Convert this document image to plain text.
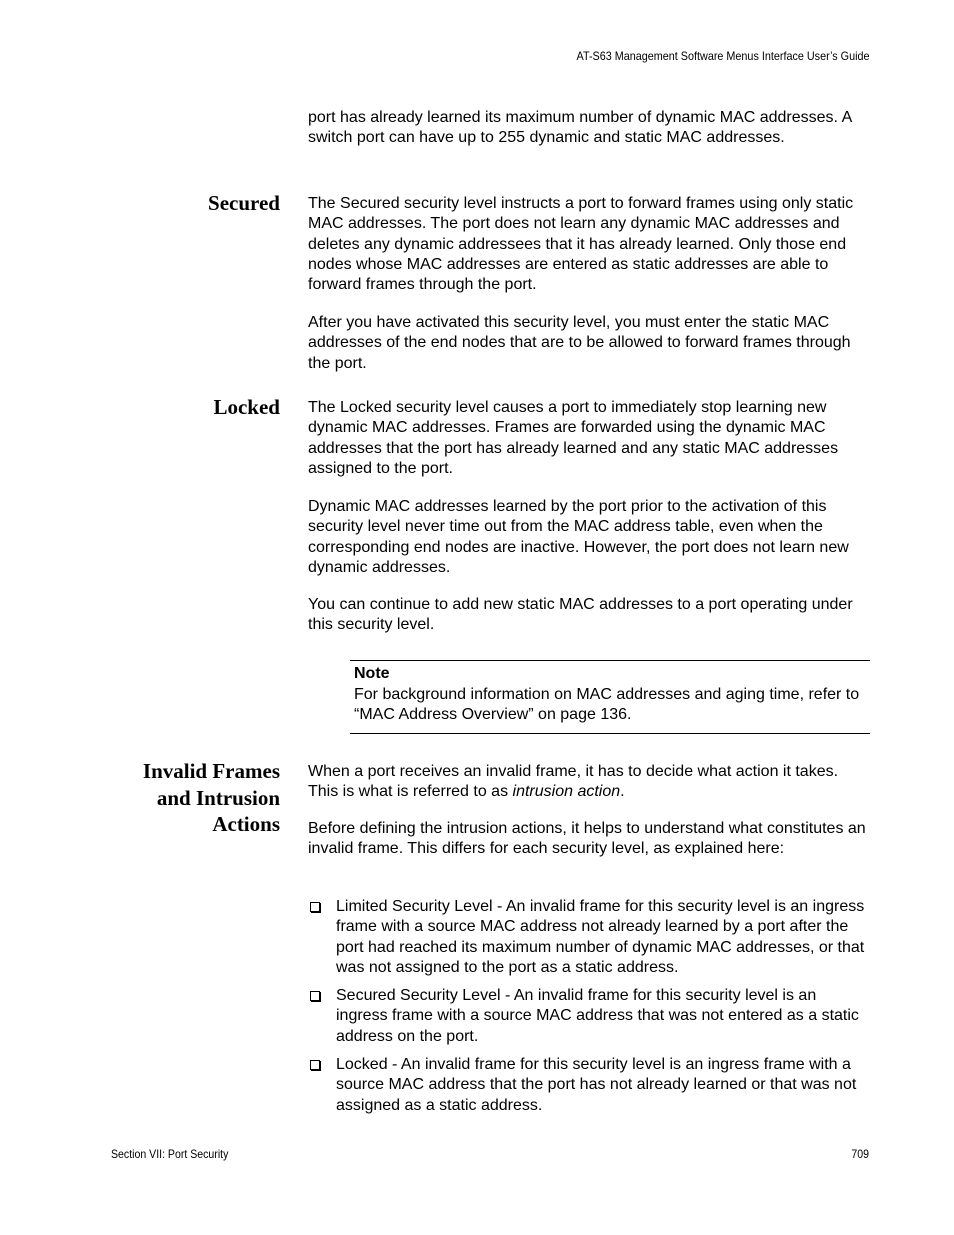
AT-S63 Management Software Menus Interface User’s Guide

port has already learned its maximum number of dynamic MAC addresses. A switch port can have up to 255 dynamic and static MAC addresses.

Secured The Secured security level instructs a port to forward frames using only static MAC addresses. The port does not learn any dynamic MAC addresses and deletes any dynamic addressees that it has already learned. Only those end nodes whose MAC addresses are entered as static addresses are able to forward frames through the port.

After you have activated this security level, you must enter the static MAC addresses of the end nodes that are to be allowed to forward frames through the port.

Locked The Locked security level causes a port to immediately stop learning new dynamic MAC addresses. Frames are forwarded using the dynamic MAC addresses that the port has already learned and any static MAC addresses assigned to the port.

Dynamic MAC addresses learned by the port prior to the activation of this security level never time out from the MAC address table, even when the corresponding end nodes are inactive. However, the port does not learn new dynamic addresses.

You can continue to add new static MAC addresses to a port operating under this security level.

Note
For background information on MAC addresses and aging time, refer to “MAC Address Overview” on page 136.
Invalid Frames
and Intrusion
Actions

When a port receives an invalid frame, it has to decide what action it takes. This is what is referred to as intrusion action.

Before defining the intrusion actions, it helps to understand what constitutes an invalid frame. This differs for each security level, as explained here:

Limited Security Level - An invalid frame for this security level is an ingress frame with a source MAC address not already learned by a port after the port had reached its maximum number of dynamic MAC addresses, or that was not assigned to the port as a static address.
Secured Security Level - An invalid frame for this security level is an ingress frame with a source MAC address that was not entered as a static address on the port.
Locked - An invalid frame for this security level is an ingress frame with a source MAC address that the port has not already learned or that was not assigned as a static address.
Section VII: Port Security	709
